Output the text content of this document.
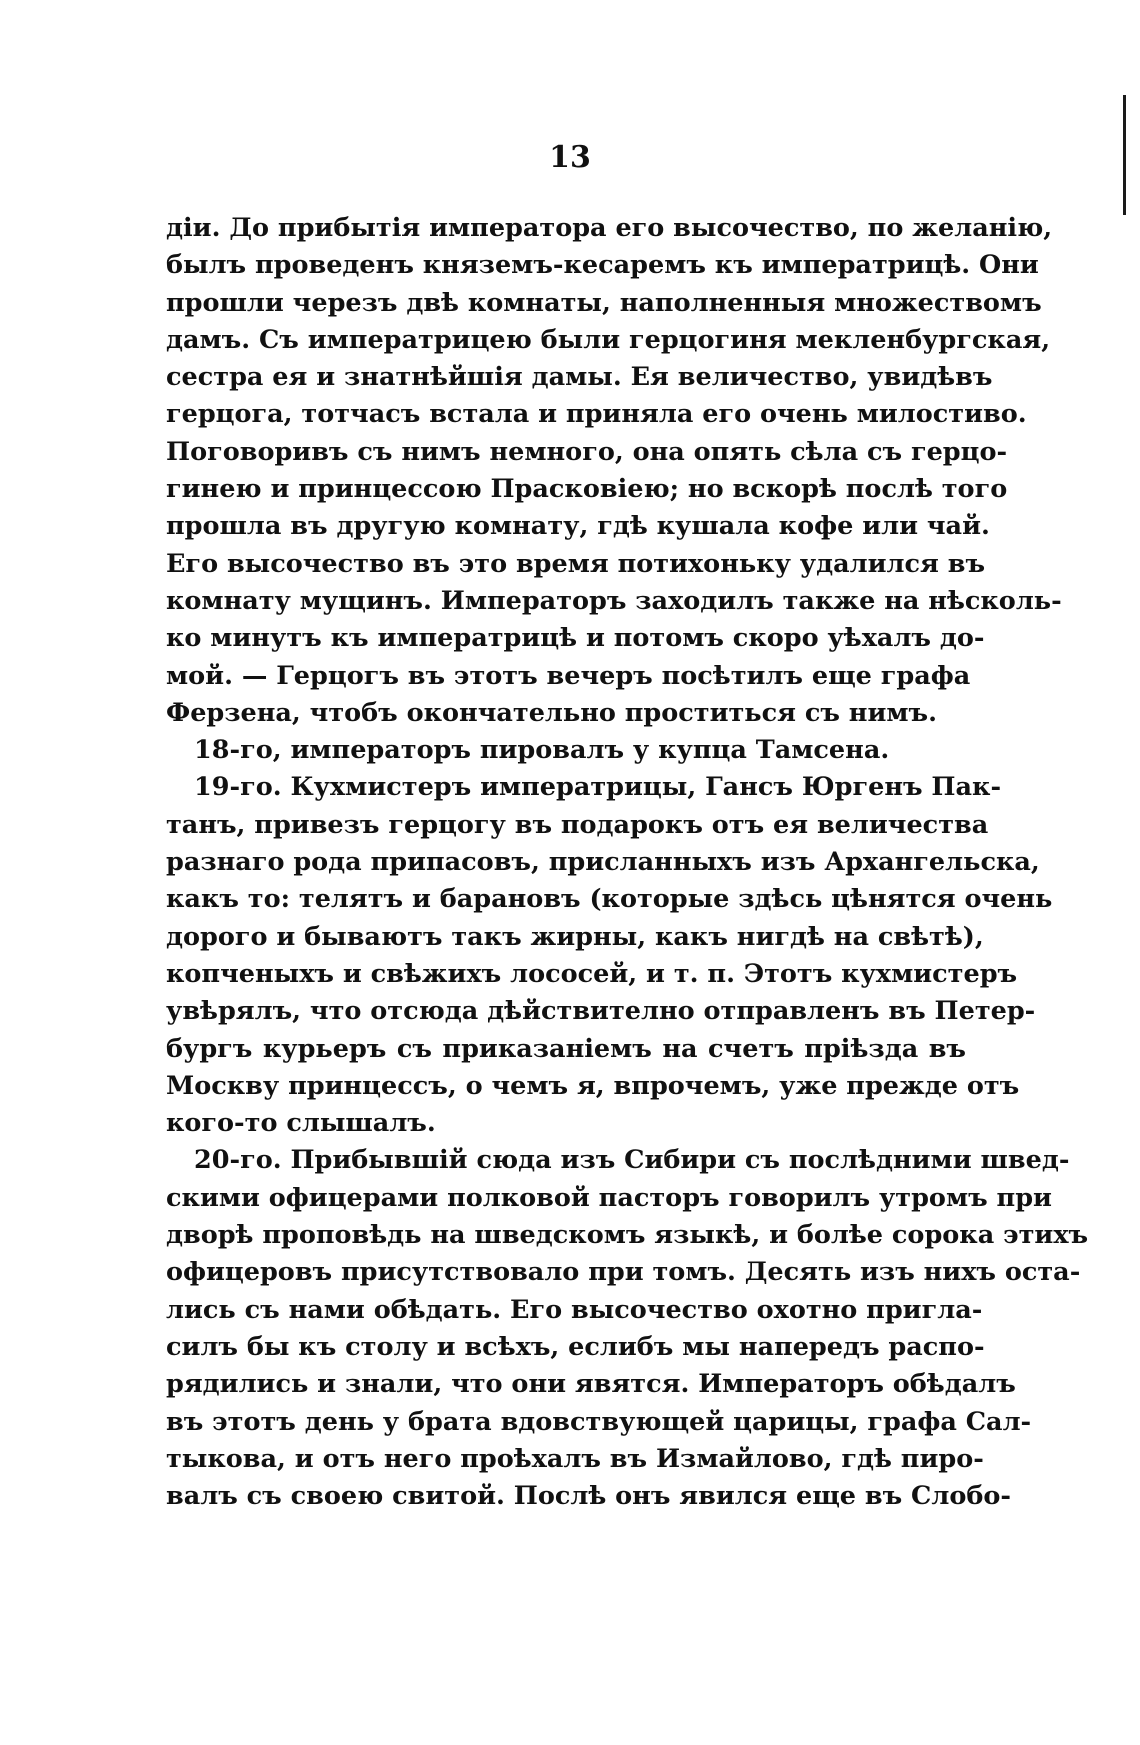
13
діи. До прибытія императора его высочество, по желанію,
былъ проведенъ княземъ-кесаремъ къ императрицѣ. Они
прошли черезъ двѣ комнаты, наполненныя множествомъ
дамъ. Съ императрицею были герцогиня мекленбургская,
сестра ея и знатнѣйшія дамы. Ея величество, увидѣвъ
герцога, тотчасъ встала и приняла его очень милостиво.
Поговоривъ съ нимъ немного, она опять сѣла съ герцо-
гинею и принцессою Прасковіею; но вскорѣ послѣ того
прошла въ другую комнату, гдѣ кушала кофе или чай.
Его высочество въ это время потихоньку удалился въ
комнату мущинъ. Императоръ заходилъ также на нѣсколь-
ко минутъ къ императрицѣ и потомъ скоро уѣхалъ до-
мой. — Герцогъ въ этотъ вечеръ посѣтилъ еще графа
Ферзена, чтобъ окончательно проститься съ нимъ.
18-го, императоръ пировалъ у купца Тамсена.
19-го. Кухмистеръ императрицы, Гансъ Юргенъ Пак-
танъ, привезъ герцогу въ подарокъ отъ ея величества
разнаго рода припасовъ, присланныхъ изъ Архангельска,
какъ то: телятъ и барановъ (которые здѣсь цѣнятся очень
дорого и бываютъ такъ жирны, какъ нигдѣ на свѣтѣ),
копченыхъ и свѣжихъ лососей, и т. п. Этотъ кухмистеръ
увѣрялъ, что отсюда дѣйствително отправленъ въ Петер-
бургъ курьеръ съ приказаніемъ на счетъ пріѣзда въ
Москву принцессъ, о чемъ я, впрочемъ, уже прежде отъ
кого-то слышалъ.
20-го. Прибывшій сюда изъ Сибири съ послѣдними швед-
скими офицерами полковой пасторъ говорилъ утромъ при
дворѣ проповѣдь на шведскомъ языкѣ, и болѣе сорока этихъ
офицеровъ присутствовало при томъ. Десять изъ нихъ оста-
лись съ нами обѣдать. Его высочество охотно пригла-
силъ бы къ столу и всѣхъ, еслибъ мы напередъ распо-
рядились и знали, что они явятся. Императоръ обѣдалъ
въ этотъ день у брата вдовствующей царицы, графа Сал-
тыкова, и отъ него проѣхалъ въ Измайлово, гдѣ пиро-
валъ съ своею свитой. Послѣ онъ явился еще въ Слобо-
